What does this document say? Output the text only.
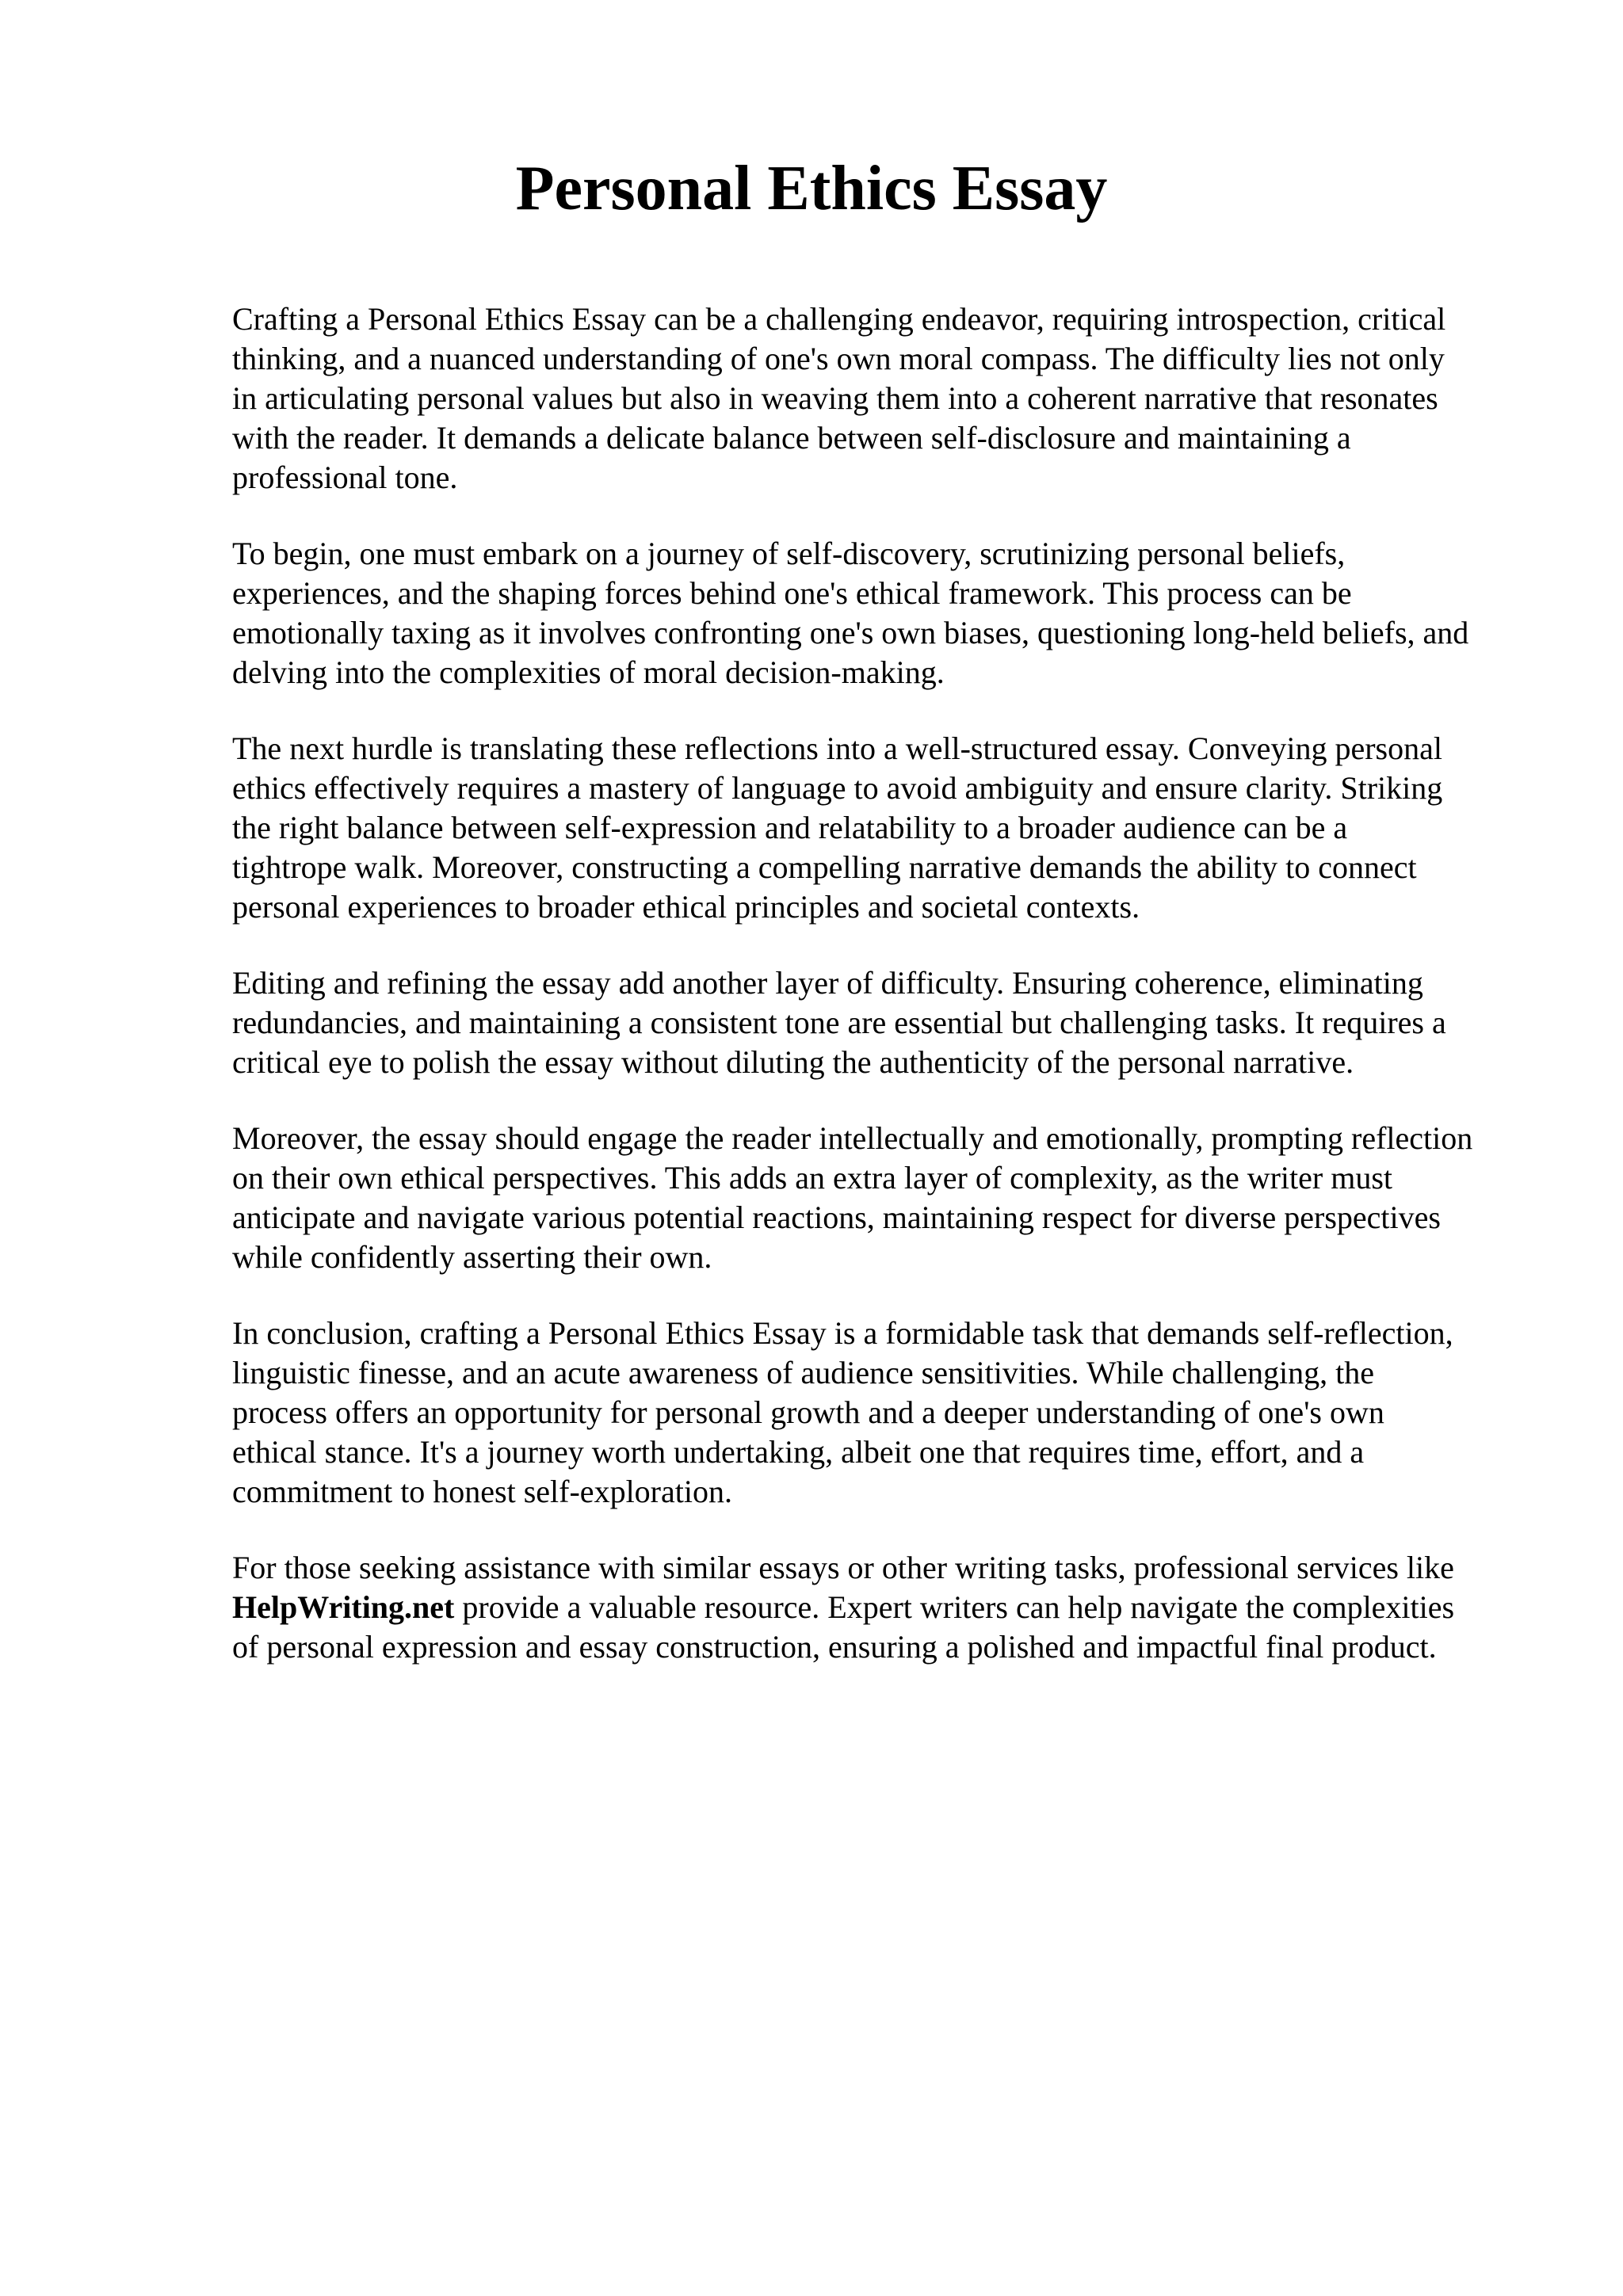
Personal Ethics Essay

Crafting a Personal Ethics Essay can be a challenging endeavor, requiring introspection, critical
thinking, and a nuanced understanding of one's own moral compass. The difficulty lies not only
in articulating personal values but also in weaving them into a coherent narrative that resonates
with the reader. It demands a delicate balance between self-disclosure and maintaining a
professional tone.

To begin, one must embark on a journey of self-discovery, scrutinizing personal beliefs,
experiences, and the shaping forces behind one's ethical framework. This process can be
emotionally taxing as it involves confronting one's own biases, questioning long-held beliefs, and
delving into the complexities of moral decision-making.

The next hurdle is translating these reflections into a well-structured essay. Conveying personal
ethics effectively requires a mastery of language to avoid ambiguity and ensure clarity. Striking
the right balance between self-expression and relatability to a broader audience can be a
tightrope walk. Moreover, constructing a compelling narrative demands the ability to connect
personal experiences to broader ethical principles and societal contexts.

Editing and refining the essay add another layer of difficulty. Ensuring coherence, eliminating
redundancies, and maintaining a consistent tone are essential but challenging tasks. It requires a
critical eye to polish the essay without diluting the authenticity of the personal narrative.

Moreover, the essay should engage the reader intellectually and emotionally, prompting reflection
on their own ethical perspectives. This adds an extra layer of complexity, as the writer must
anticipate and navigate various potential reactions, maintaining respect for diverse perspectives
while confidently asserting their own.

In conclusion, crafting a Personal Ethics Essay is a formidable task that demands self-reflection,
linguistic finesse, and an acute awareness of audience sensitivities. While challenging, the
process offers an opportunity for personal growth and a deeper understanding of one's own
ethical stance. It's a journey worth undertaking, albeit one that requires time, effort, and a
commitment to honest self-exploration.

For those seeking assistance with similar essays or other writing tasks, professional services like
HelpWriting.net provide a valuable resource. Expert writers can help navigate the complexities
of personal expression and essay construction, ensuring a polished and impactful final product.
